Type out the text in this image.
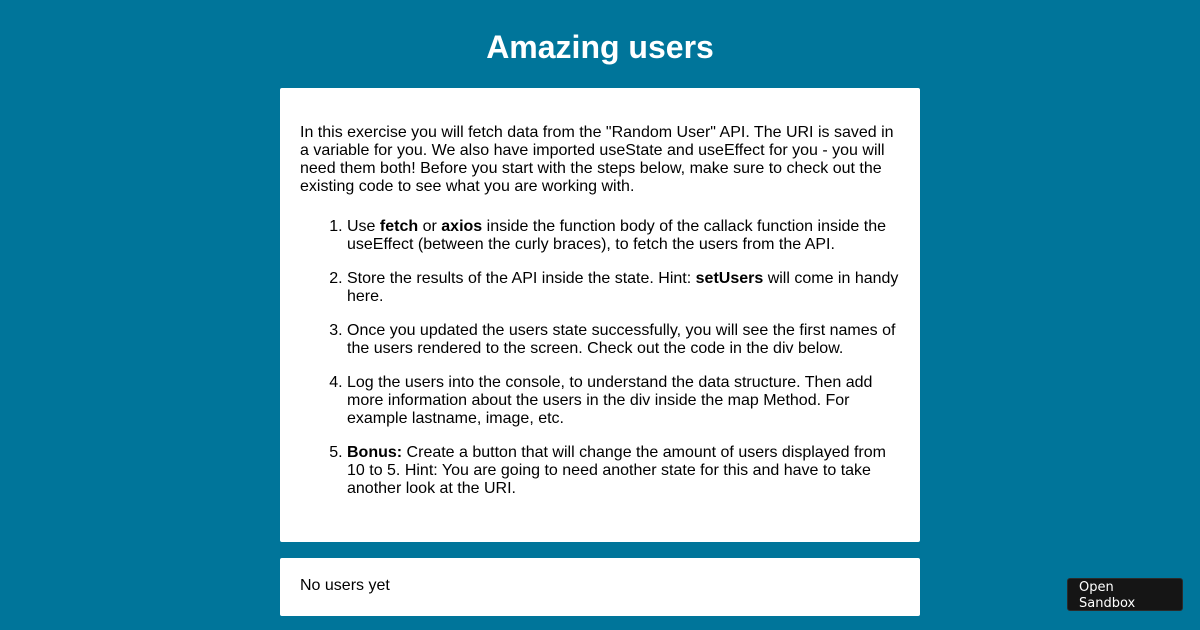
Amazing users

In this exercise you will fetch data from the "Random User" API. The URI is saved in a variable for you. We also have imported useState and useEffect for you - you will need them both! Before you start with the steps below, make sure to check out the existing code to see what you are working with.

1. Use fetch or axios inside the function body of the callack function inside the useEffect (between the curly braces), to fetch the users from the API.
2. Store the results of the API inside the state. Hint: setUsers will come in handy here.
3. Once you updated the users state successfully, you will see the first names of the users rendered to the screen. Check out the code in the div below.
4. Log the users into the console, to understand the data structure. Then add more information about the users in the div inside the map Method. For example lastname, image, etc.
5. Bonus: Create a button that will change the amount of users displayed from 10 to 5. Hint: You are going to need another state for this and have to take another look at the URI.

No users yet	Open Sandbox
